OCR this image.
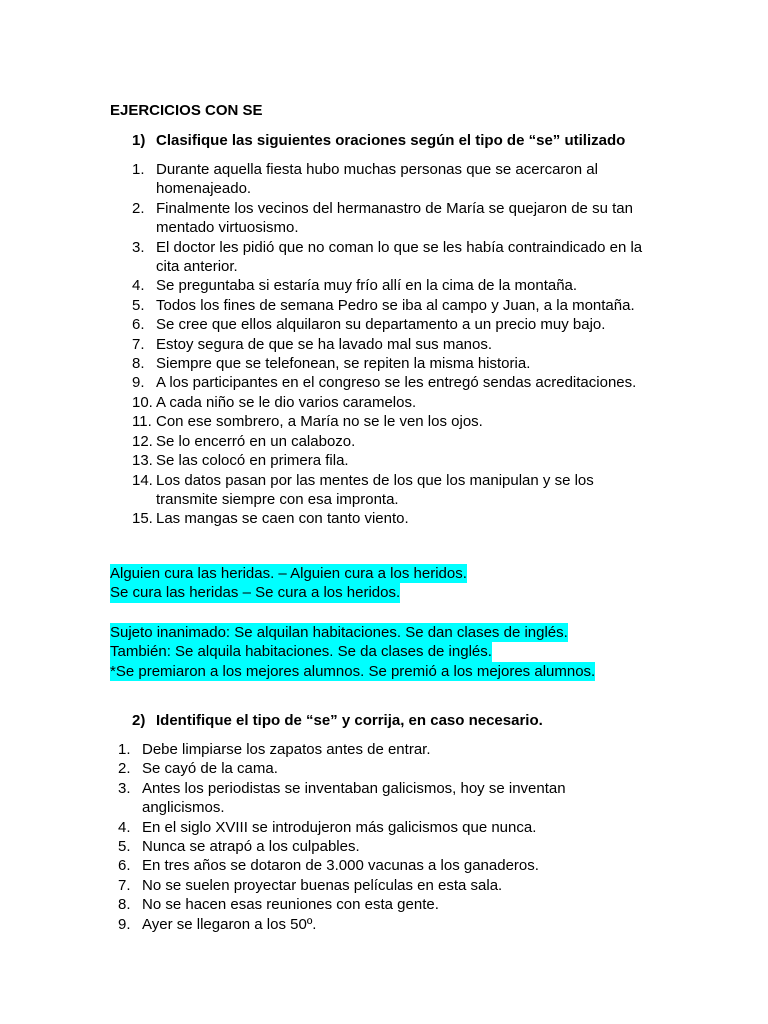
EJERCICIOS CON SE
1) Clasifique las siguientes oraciones según el tipo de “se” utilizado
1. Durante aquella fiesta hubo muchas personas que se acercaron al
homenajeado.
2. Finalmente los vecinos del hermanastro de María se quejaron de su tan
mentado virtuosismo.
3. El doctor les pidió que no coman lo que se les había contraindicado en la
cita anterior.
4. Se preguntaba si estaría muy frío allí en la cima de la montaña.
5. Todos los fines de semana Pedro se iba al campo y Juan, a la montaña.
6. Se cree que ellos alquilaron su departamento a un precio muy bajo.
7. Estoy segura de que se ha lavado mal sus manos.
8. Siempre que se telefonean, se repiten la misma historia.
9. A los participantes en el congreso se les entregó sendas acreditaciones.
10. A cada niño se le dio varios caramelos.
11. Con ese sombrero, a María no se le ven los ojos.
12. Se lo encerró en un calabozo.
13. Se las colocó en primera fila.
14. Los datos pasan por las mentes de los que los manipulan y se los
transmite siempre con esa impronta.
15. Las mangas se caen con tanto viento.
Alguien cura las heridas. – Alguien cura a los heridos.
Se cura las heridas – Se cura a los heridos.
Sujeto inanimado: Se alquilan habitaciones. Se dan clases de inglés.
También: Se alquila habitaciones. Se da clases de inglés.
*Se premiaron a los mejores alumnos. Se premió a los mejores alumnos.
2) Identifique el tipo de “se” y corrija, en caso necesario.
1. Debe limpiarse los zapatos antes de entrar.
2. Se cayó de la cama.
3. Antes los periodistas se inventaban galicismos, hoy se inventan
anglicismos.
4. En el siglo XVIII se introdujeron más galicismos que nunca.
5. Nunca se atrapó a los culpables.
6. En tres años se dotaron de 3.000 vacunas a los ganaderos.
7. No se suelen proyectar buenas películas en esta sala.
8. No se hacen esas reuniones con esta gente.
9. Ayer se llegaron a los 50º.
